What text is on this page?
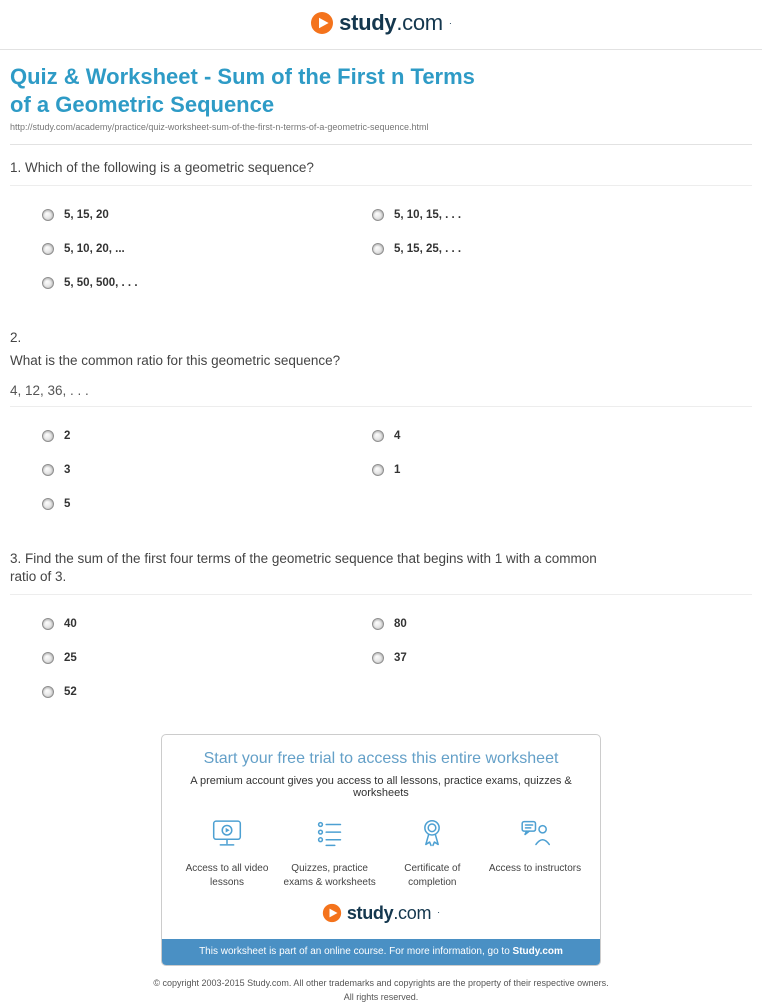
study.com ·
Quiz & Worksheet - Sum of the First n Terms of a Geometric Sequence
http://study.com/academy/practice/quiz-worksheet-sum-of-the-first-n-terms-of-a-geometric-sequence.html

1. Which of the following is a geometric sequence?

5, 15, 20	5, 10, 15, . . .
5, 10, 20, ...	5, 15, 25, . . .
5, 50, 500, . . .

2.

What is the common ratio for this geometric sequence?

4, 12, 36, . . .

2	4
3	1
5

3. Find the sum of the first four terms of the geometric sequence that begins with 1 with a common ratio of 3.

40	80
25	37
52
Start your free trial to access this entire worksheet

A premium account gives you access to all lessons, practice exams, quizzes & worksheets

Access to all video lessons
Quizzes, practice exams & worksheets
Certificate of completion
Access to instructors
study.com ·
This worksheet is part of an online course. For more information, go to Study.com
© copyright 2003-2015 Study.com. All other trademarks and copyrights are the property of their respective owners.
All rights reserved.
